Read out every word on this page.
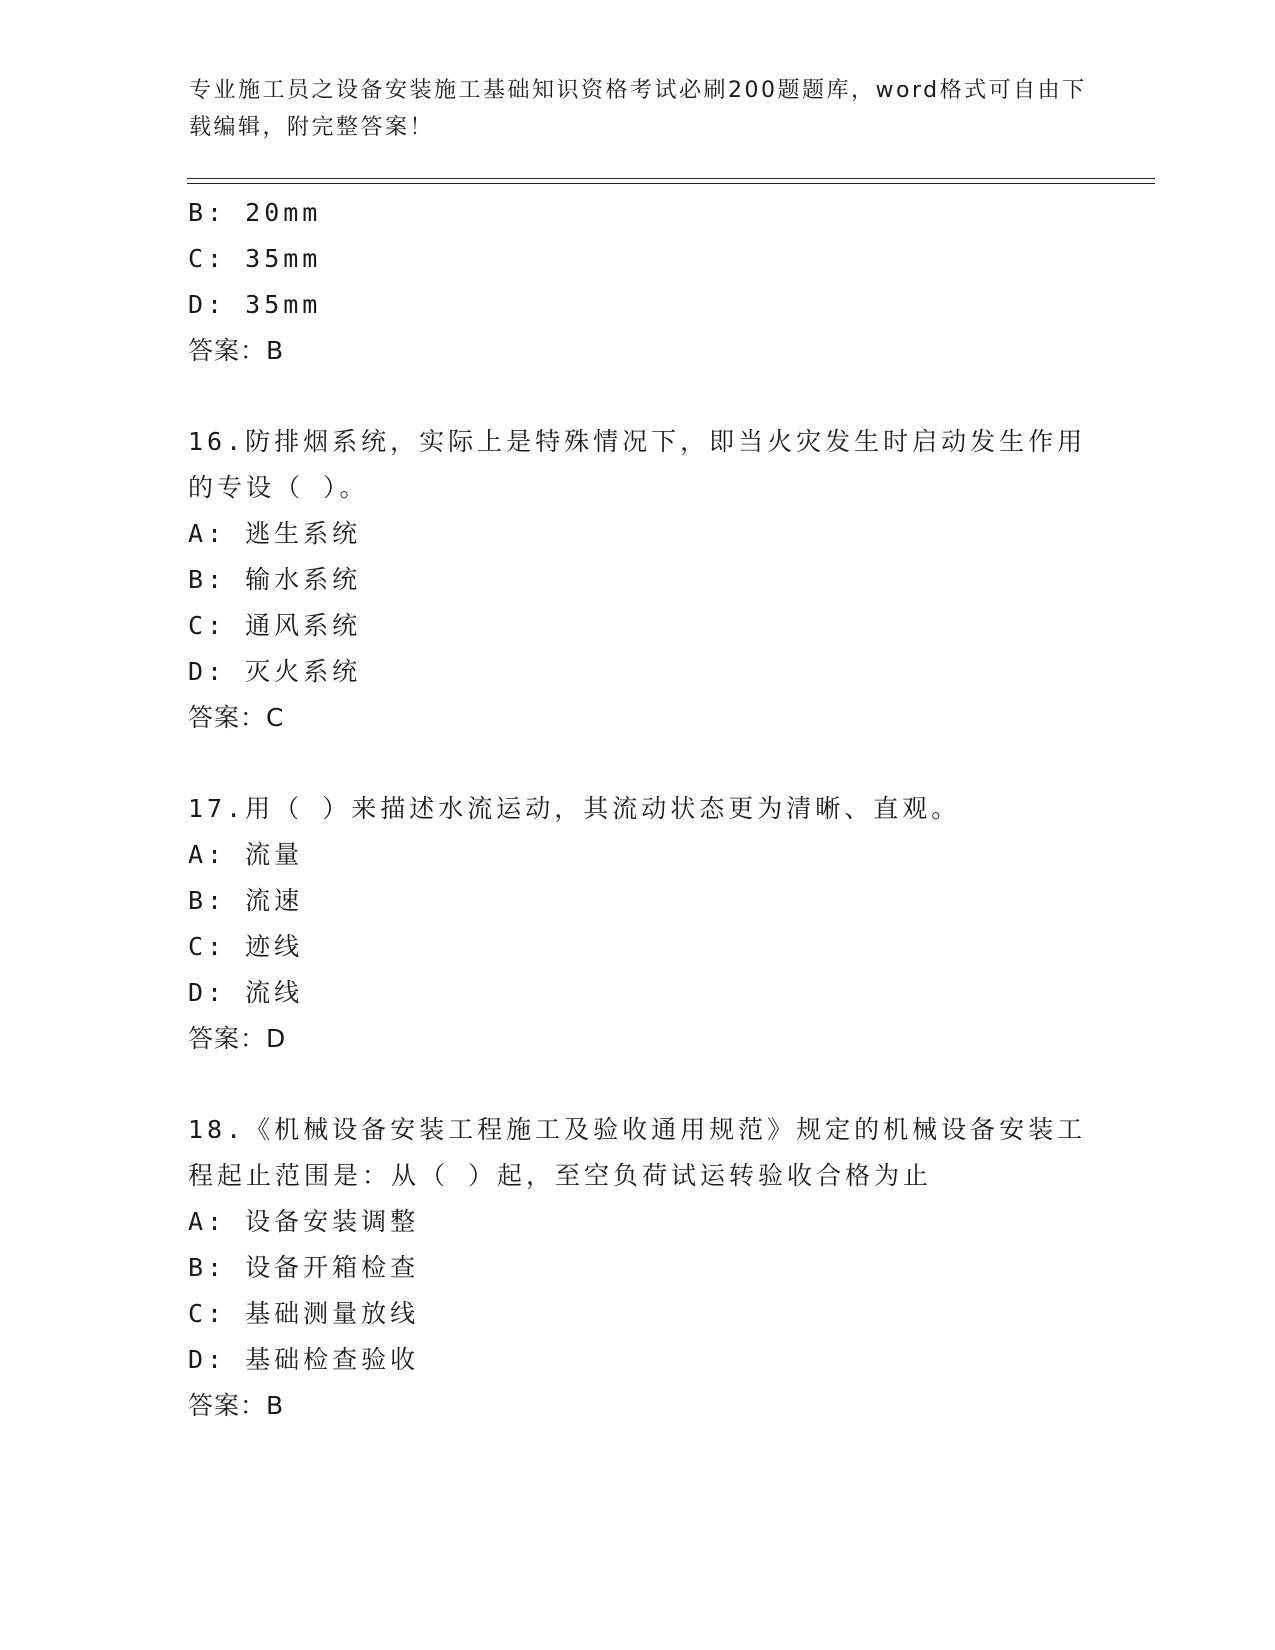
专业施工员之设备安装施工基础知识资格考试必刷200题题库，word格式可自由下载编辑，附完整答案！
B: 20mm
C: 35mm
D: 35mm
答案：B
16.防排烟系统，实际上是特殊情况下，即当火灾发生时启动发生作用的专设（ ）。
A: 逃生系统
B: 输水系统
C: 通风系统
D: 灭火系统
答案：C
17.用（ ）来描述水流运动，其流动状态更为清晰、直观。
A: 流量
B: 流速
C: 迹线
D: 流线
答案：D
18.《机械设备安装工程施工及验收通用规范》规定的机械设备安装工程起止范围是：从（ ）起，至空负荷试运转验收合格为止
A: 设备安装调整
B: 设备开箱检查
C: 基础测量放线
D: 基础检查验收
答案：B
